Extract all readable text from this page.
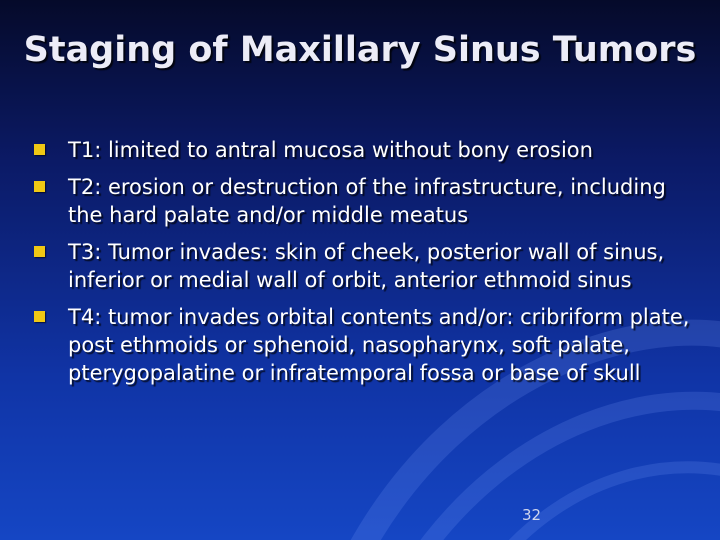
Staging of Maxillary Sinus Tumors
T1: limited to antral mucosa without bony erosion
T2: erosion or destruction of the infrastructure, including the hard palate and/or middle meatus
T3: Tumor invades: skin of cheek, posterior wall of sinus, inferior or medial wall of orbit, anterior ethmoid sinus
T4: tumor invades orbital contents and/or: cribriform plate, post ethmoids or sphenoid, nasopharynx, soft palate, pterygopalatine or infratemporal fossa or base of skull
32
